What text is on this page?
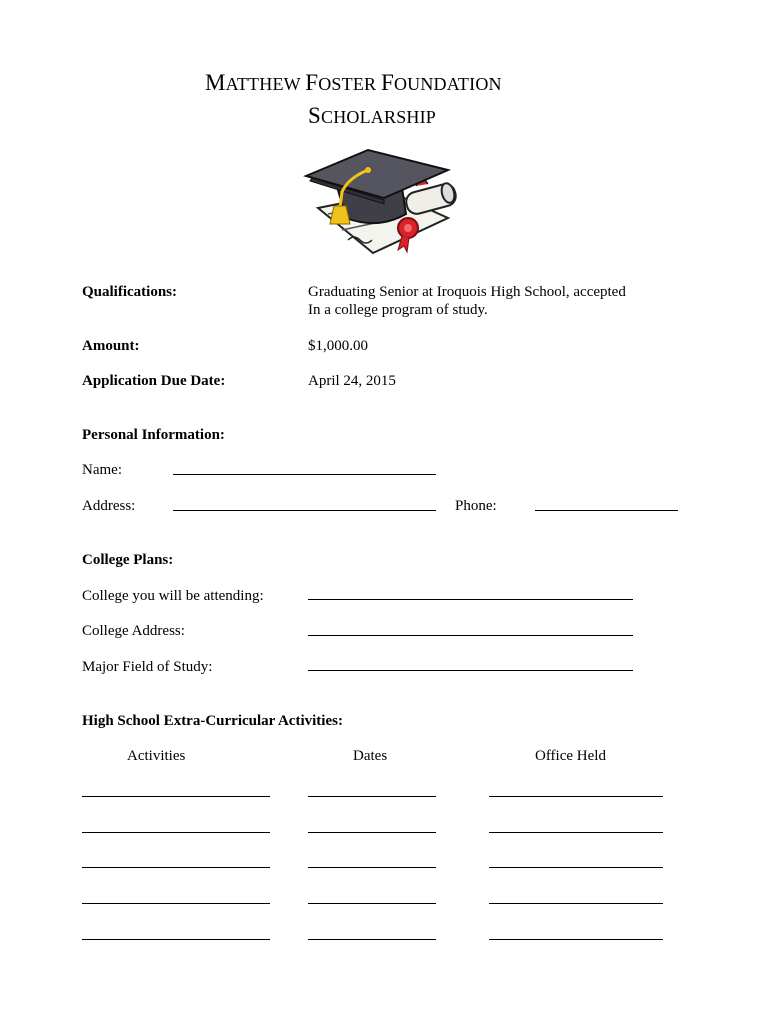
MATTHEW FOSTER FOUNDATION
SCHOLARSHIP
Qualifications:	Graduating Senior at Iroquois High School, accepted
In a college program of study.
Amount:	$1,000.00
Application Due Date:	April 24, 2015
Personal Information:
Name:
Address:	Phone:
College Plans:
College you will be attending:
College Address:
Major Field of Study:
High School Extra-Curricular Activities:
Activities	Dates	Office Held
